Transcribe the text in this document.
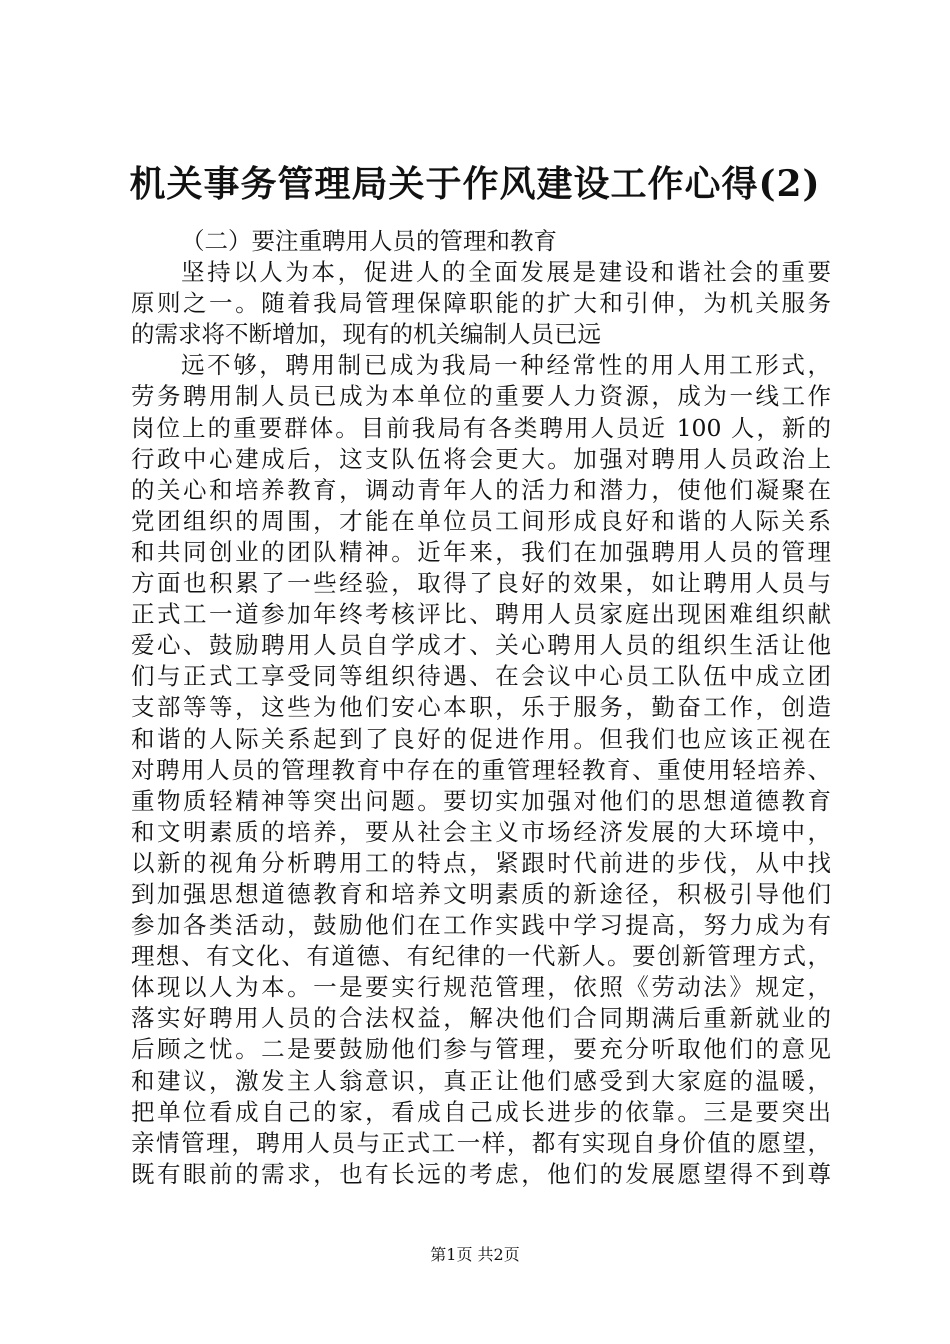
机关事务管理局关于作风建设工作心得(2)
（二）要注重聘用人员的管理和教育
坚持以人为本，促进人的全面发展是建设和谐社会的重要
原则之一。随着我局管理保障职能的扩大和引伸，为机关服务
的需求将不断增加，现有的机关编制人员已远
远不够，聘用制已成为我局一种经常性的用人用工形式，
劳务聘用制人员已成为本单位的重要人力资源，成为一线工作
岗位上的重要群体。目前我局有各类聘用人员近 100 人，新的
行政中心建成后，这支队伍将会更大。加强对聘用人员政治上
的关心和培养教育，调动青年人的活力和潜力，使他们凝聚在
党团组织的周围，才能在单位员工间形成良好和谐的人际关系
和共同创业的团队精神。近年来，我们在加强聘用人员的管理
方面也积累了一些经验，取得了良好的效果，如让聘用人员与
正式工一道参加年终考核评比、聘用人员家庭出现困难组织献
爱心、鼓励聘用人员自学成才、关心聘用人员的组织生活让他
们与正式工享受同等组织待遇、在会议中心员工队伍中成立团
支部等等，这些为他们安心本职，乐于服务，勤奋工作，创造
和谐的人际关系起到了良好的促进作用。但我们也应该正视在
对聘用人员的管理教育中存在的重管理轻教育、重使用轻培养、
重物质轻精神等突出问题。要切实加强对他们的思想道德教育
和文明素质的培养，要从社会主义市场经济发展的大环境中，
以新的视角分析聘用工的特点，紧跟时代前进的步伐，从中找
到加强思想道德教育和培养文明素质的新途径，积极引导他们
参加各类活动，鼓励他们在工作实践中学习提高，努力成为有
理想、有文化、有道德、有纪律的一代新人。要创新管理方式，
体现以人为本。一是要实行规范管理，依照《劳动法》规定，
落实好聘用人员的合法权益，解决他们合同期满后重新就业的
后顾之忧。二是要鼓励他们参与管理，要充分听取他们的意见
和建议，激发主人翁意识，真正让他们感受到大家庭的温暖，
把单位看成自己的家，看成自己成长进步的依靠。三是要突出
亲情管理，聘用人员与正式工一样，都有实现自身价值的愿望，
既有眼前的需求，也有长远的考虑，他们的发展愿望得不到尊
第1页 共2页
